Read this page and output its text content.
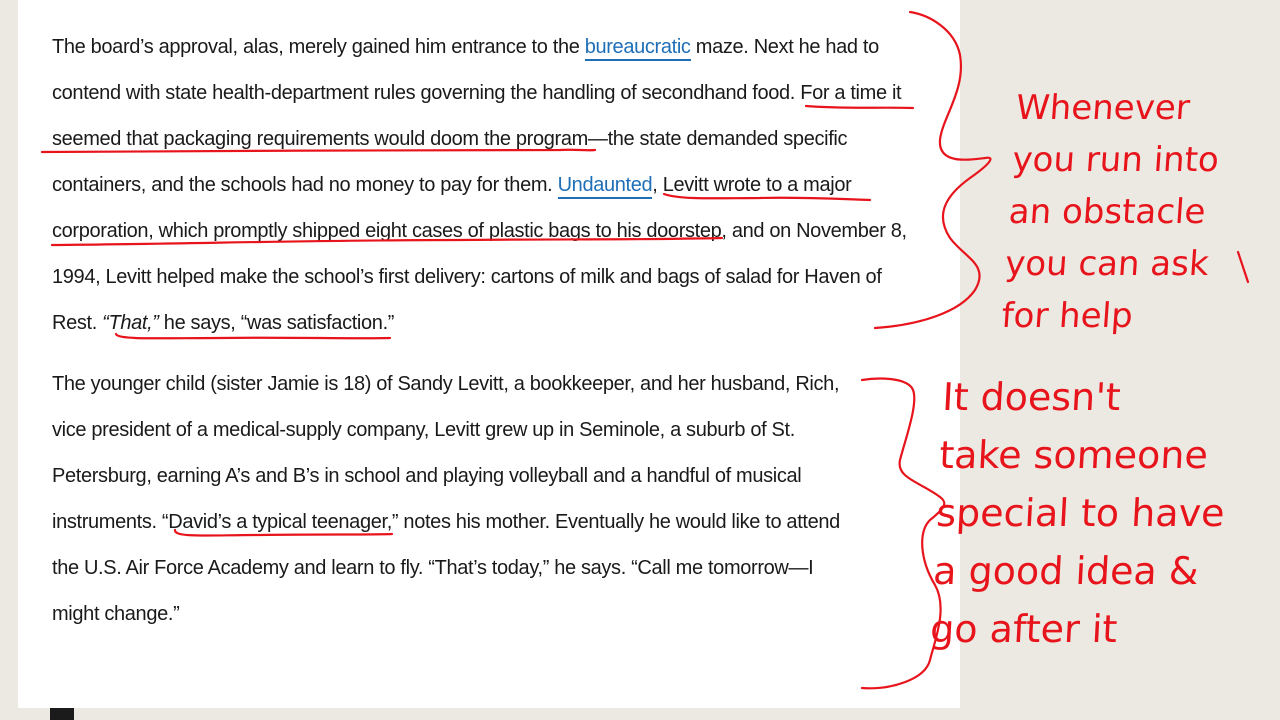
The board’s approval, alas, merely gained him entrance to the bureaucratic maze. Next he had to
contend with state health-department rules governing the handling of secondhand food. For a time it
seemed that packaging requirements would doom the program—the state demanded specific
containers, and the schools had no money to pay for them. Undaunted, Levitt wrote to a major
corporation, which promptly shipped eight cases of plastic bags to his doorstep, and on November 8,
1994, Levitt helped make the school’s first delivery: cartons of milk and bags of salad for Haven of
Rest. “That,” he says, “was satisfaction.”
The younger child (sister Jamie is 18) of Sandy Levitt, a bookkeeper, and her husband, Rich,
vice president of a medical-supply company, Levitt grew up in Seminole, a suburb of St.
Petersburg, earning A’s and B’s in school and playing volleyball and a handful of musical
instruments. “David’s a typical teenager,” notes his mother. Eventually he would like to attend
the U.S. Air Force Academy and learn to fly. “That’s today,” he says. “Call me tomorrow—I
might change.”
Whenever
you run into
an obstacle
you can ask
for help
It doesn't
take someone
special to have
a good idea &
go after it
